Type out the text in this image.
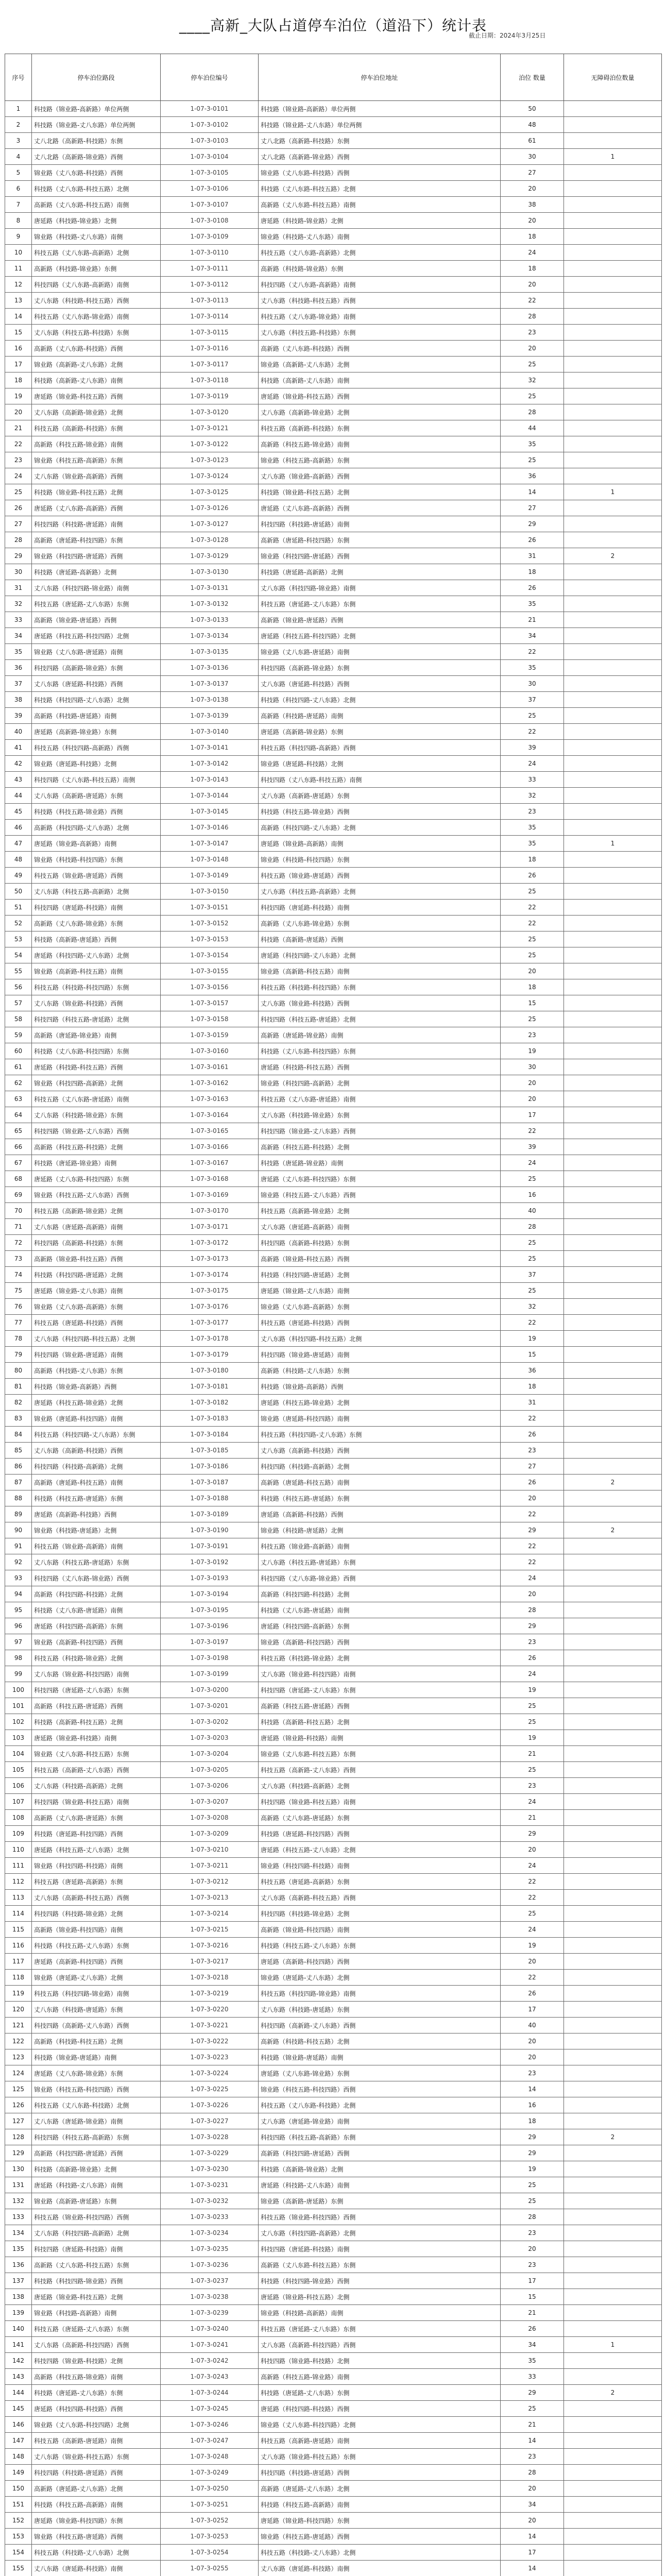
____高新_大队占道停车泊位（道沿下）统计表
截止日期：2024年3月25日
序号	停车泊位路段	停车泊位编号	停车泊位地址	泊位 数量	无障碍泊位数量
1	科技路（锦业路-高新路）单位两侧	1-07-3-0101	科技路（锦业路-高新路）单位两侧	50	
2	科技路（锦业路-丈八东路）单位两侧	1-07-3-0102	科技路（锦业路-丈八东路）单位两侧	48	
3	丈八北路（高新路-科技路）东侧	1-07-3-0103	丈八北路（高新路-科技路）东侧	61	
4	丈八北路（高新路-锦业路）西侧	1-07-3-0104	丈八北路（高新路-锦业路）西侧	30	1
5	锦业路（丈八东路-科技路）西侧	1-07-3-0105	锦业路（丈八东路-科技路）西侧	27	
6	科技路（丈八东路-科技五路）北侧	1-07-3-0106	科技路（丈八东路-科技五路）北侧	20	
7	高新路（丈八东路-科技五路）南侧	1-07-3-0107	高新路（丈八东路-科技五路）南侧	38	
8	唐延路（科技路-锦业路）北侧	1-07-3-0108	唐延路（科技路-锦业路）北侧	20	
9	锦业路（科技路-丈八东路）南侧	1-07-3-0109	锦业路（科技路-丈八东路）南侧	18	
10	科技五路（丈八东路-高新路）北侧	1-07-3-0110	科技五路（丈八东路-高新路）北侧	24	
11	高新路（科技路-锦业路）东侧	1-07-3-0111	高新路（科技路-锦业路）东侧	18	
12	科技四路（丈八东路-高新路）南侧	1-07-3-0112	科技四路（丈八东路-高新路）南侧	20	
13	丈八东路（科技路-科技五路）西侧	1-07-3-0113	丈八东路（科技路-科技五路）西侧	22	
14	科技五路（丈八东路-锦业路）南侧	1-07-3-0114	科技五路（丈八东路-锦业路）南侧	28	
15	丈八东路（科技五路-科技路）东侧	1-07-3-0115	丈八东路（科技五路-科技路）东侧	23	
16	高新路（丈八东路-科技路）西侧	1-07-3-0116	高新路（丈八东路-科技路）西侧	20	
17	锦业路（高新路-丈八东路）北侧	1-07-3-0117	锦业路（高新路-丈八东路）北侧	25	
18	科技路（高新路-丈八东路）南侧	1-07-3-0118	科技路（高新路-丈八东路）南侧	32	
19	唐延路（锦业路-科技五路）西侧	1-07-3-0119	唐延路（锦业路-科技五路）西侧	25	
20	丈八东路（高新路-锦业路）北侧	1-07-3-0120	丈八东路（高新路-锦业路）北侧	28	
21	科技五路（高新路-科技路）东侧	1-07-3-0121	科技五路（高新路-科技路）东侧	44	
22	高新路（科技五路-锦业路）南侧	1-07-3-0122	高新路（科技五路-锦业路）南侧	35	
23	锦业路（科技五路-高新路）东侧	1-07-3-0123	锦业路（科技五路-高新路）东侧	25	
24	丈八东路（锦业路-高新路）西侧	1-07-3-0124	丈八东路（锦业路-高新路）西侧	36	
25	科技路（锦业路-科技五路）北侧	1-07-3-0125	科技路（锦业路-科技五路）北侧	14	1
26	唐延路（丈八东路-高新路）西侧	1-07-3-0126	唐延路（丈八东路-高新路）西侧	27	
27	科技四路（科技路-唐延路）南侧	1-07-3-0127	科技四路（科技路-唐延路）南侧	29	
28	高新路（唐延路-科技四路）东侧	1-07-3-0128	高新路（唐延路-科技四路）东侧	26	
29	锦业路（科技四路-唐延路）西侧	1-07-3-0129	锦业路（科技四路-唐延路）西侧	31	2
30	科技路（唐延路-高新路）北侧	1-07-3-0130	科技路（唐延路-高新路）北侧	18	
31	丈八东路（科技四路-锦业路）南侧	1-07-3-0131	丈八东路（科技四路-锦业路）南侧	26	
32	科技五路（唐延路-丈八东路）东侧	1-07-3-0132	科技五路（唐延路-丈八东路）东侧	35	
33	高新路（锦业路-唐延路）西侧	1-07-3-0133	高新路（锦业路-唐延路）西侧	21	
34	唐延路（科技五路-科技四路）北侧	1-07-3-0134	唐延路（科技五路-科技四路）北侧	34	
35	锦业路（丈八东路-唐延路）南侧	1-07-3-0135	锦业路（丈八东路-唐延路）南侧	22	
36	科技四路（高新路-锦业路）东侧	1-07-3-0136	科技四路（高新路-锦业路）东侧	35	
37	丈八东路（唐延路-科技路）西侧	1-07-3-0137	丈八东路（唐延路-科技路）西侧	30	
38	科技路（科技四路-丈八东路）北侧	1-07-3-0138	科技路（科技四路-丈八东路）北侧	37	
39	高新路（科技路-唐延路）南侧	1-07-3-0139	高新路（科技路-唐延路）南侧	25	
40	唐延路（高新路-锦业路）东侧	1-07-3-0140	唐延路（高新路-锦业路）东侧	22	
41	科技五路（科技四路-高新路）西侧	1-07-3-0141	科技五路（科技四路-高新路）西侧	39	
42	锦业路（唐延路-科技路）北侧	1-07-3-0142	锦业路（唐延路-科技路）北侧	24	
43	科技四路（丈八东路-科技五路）南侧	1-07-3-0143	科技四路（丈八东路-科技五路）南侧	33	
44	丈八东路（高新路-唐延路）东侧	1-07-3-0144	丈八东路（高新路-唐延路）东侧	32	
45	科技路（科技五路-锦业路）西侧	1-07-3-0145	科技路（科技五路-锦业路）西侧	23	
46	高新路（科技四路-丈八东路）北侧	1-07-3-0146	高新路（科技四路-丈八东路）北侧	35	
47	唐延路（锦业路-高新路）南侧	1-07-3-0147	唐延路（锦业路-高新路）南侧	35	1
48	锦业路（科技路-科技四路）东侧	1-07-3-0148	锦业路（科技路-科技四路）东侧	18	
49	科技五路（锦业路-唐延路）西侧	1-07-3-0149	科技五路（锦业路-唐延路）西侧	26	
50	丈八东路（科技五路-高新路）北侧	1-07-3-0150	丈八东路（科技五路-高新路）北侧	25	
51	科技四路（唐延路-科技路）南侧	1-07-3-0151	科技四路（唐延路-科技路）南侧	22	
52	高新路（丈八东路-锦业路）东侧	1-07-3-0152	高新路（丈八东路-锦业路）东侧	22	
53	科技路（高新路-唐延路）西侧	1-07-3-0153	科技路（高新路-唐延路）西侧	25	
54	唐延路（科技四路-丈八东路）北侧	1-07-3-0154	唐延路（科技四路-丈八东路）北侧	25	
55	锦业路（高新路-科技五路）南侧	1-07-3-0155	锦业路（高新路-科技五路）南侧	20	
56	科技五路（科技路-科技四路）东侧	1-07-3-0156	科技五路（科技路-科技四路）东侧	18	
57	丈八东路（锦业路-科技路）西侧	1-07-3-0157	丈八东路（锦业路-科技路）西侧	15	
58	科技四路（科技五路-唐延路）北侧	1-07-3-0158	科技四路（科技五路-唐延路）北侧	25	
59	高新路（唐延路-锦业路）南侧	1-07-3-0159	高新路（唐延路-锦业路）南侧	23	
60	科技路（丈八东路-科技四路）东侧	1-07-3-0160	科技路（丈八东路-科技四路）东侧	19	
61	唐延路（科技路-科技五路）西侧	1-07-3-0161	唐延路（科技路-科技五路）西侧	30	
62	锦业路（科技四路-高新路）北侧	1-07-3-0162	锦业路（科技四路-高新路）北侧	20	
63	科技五路（丈八东路-唐延路）南侧	1-07-3-0163	科技五路（丈八东路-唐延路）南侧	20	
64	丈八东路（科技路-锦业路）东侧	1-07-3-0164	丈八东路（科技路-锦业路）东侧	17	
65	科技四路（锦业路-丈八东路）西侧	1-07-3-0165	科技四路（锦业路-丈八东路）西侧	22	
66	高新路（科技五路-科技路）北侧	1-07-3-0166	高新路（科技五路-科技路）北侧	39	
67	科技路（唐延路-锦业路）南侧	1-07-3-0167	科技路（唐延路-锦业路）南侧	24	
68	唐延路（丈八东路-科技四路）东侧	1-07-3-0168	唐延路（丈八东路-科技四路）东侧	25	
69	锦业路（科技五路-丈八东路）西侧	1-07-3-0169	锦业路（科技五路-丈八东路）西侧	16	
70	科技五路（高新路-锦业路）北侧	1-07-3-0170	科技五路（高新路-锦业路）北侧	40	
71	丈八东路（唐延路-高新路）南侧	1-07-3-0171	丈八东路（唐延路-高新路）南侧	28	
72	科技四路（高新路-科技路）东侧	1-07-3-0172	科技四路（高新路-科技路）东侧	25	
73	高新路（锦业路-科技五路）西侧	1-07-3-0173	高新路（锦业路-科技五路）西侧	25	
74	科技路（科技四路-唐延路）北侧	1-07-3-0174	科技路（科技四路-唐延路）北侧	37	
75	唐延路（锦业路-丈八东路）南侧	1-07-3-0175	唐延路（锦业路-丈八东路）南侧	25	
76	锦业路（丈八东路-高新路）东侧	1-07-3-0176	锦业路（丈八东路-高新路）东侧	32	
77	科技五路（唐延路-科技路）西侧	1-07-3-0177	科技五路（唐延路-科技路）西侧	22	
78	丈八东路（科技四路-科技五路）北侧	1-07-3-0178	丈八东路（科技四路-科技五路）北侧	19	
79	科技四路（锦业路-唐延路）南侧	1-07-3-0179	科技四路（锦业路-唐延路）南侧	15	
80	高新路（科技路-丈八东路）东侧	1-07-3-0180	高新路（科技路-丈八东路）东侧	36	
81	科技路（锦业路-高新路）西侧	1-07-3-0181	科技路（锦业路-高新路）西侧	18	
82	唐延路（科技五路-锦业路）北侧	1-07-3-0182	唐延路（科技五路-锦业路）北侧	31	
83	锦业路（唐延路-科技四路）南侧	1-07-3-0183	锦业路（唐延路-科技四路）南侧	22	
84	科技五路（科技四路-丈八东路）东侧	1-07-3-0184	科技五路（科技四路-丈八东路）东侧	26	
85	丈八东路（高新路-科技路）西侧	1-07-3-0185	丈八东路（高新路-科技路）西侧	23	
86	科技四路（科技路-高新路）北侧	1-07-3-0186	科技四路（科技路-高新路）北侧	27	
87	高新路（唐延路-科技五路）南侧	1-07-3-0187	高新路（唐延路-科技五路）南侧	26	2
88	科技路（科技五路-唐延路）东侧	1-07-3-0188	科技路（科技五路-唐延路）东侧	20	
89	唐延路（高新路-科技路）西侧	1-07-3-0189	唐延路（高新路-科技路）西侧	22	
90	锦业路（科技路-唐延路）北侧	1-07-3-0190	锦业路（科技路-唐延路）北侧	29	2
91	科技五路（锦业路-高新路）南侧	1-07-3-0191	科技五路（锦业路-高新路）南侧	22	
92	丈八东路（科技五路-唐延路）东侧	1-07-3-0192	丈八东路（科技五路-唐延路）东侧	22	
93	科技四路（丈八东路-锦业路）西侧	1-07-3-0193	科技四路（丈八东路-锦业路）西侧	24	
94	高新路（科技四路-科技路）北侧	1-07-3-0194	高新路（科技四路-科技路）北侧	20	
95	科技路（丈八东路-唐延路）南侧	1-07-3-0195	科技路（丈八东路-唐延路）南侧	28	
96	唐延路（科技四路-高新路）东侧	1-07-3-0196	唐延路（科技四路-高新路）东侧	29	
97	锦业路（高新路-科技四路）西侧	1-07-3-0197	锦业路（高新路-科技四路）西侧	23	
98	科技五路（科技路-锦业路）北侧	1-07-3-0198	科技五路（科技路-锦业路）北侧	26	
99	丈八东路（锦业路-科技四路）南侧	1-07-3-0199	丈八东路（锦业路-科技四路）南侧	24	
100	科技四路（唐延路-丈八东路）东侧	1-07-3-0200	科技四路（唐延路-丈八东路）东侧	19	
101	高新路（科技五路-唐延路）西侧	1-07-3-0201	高新路（科技五路-唐延路）西侧	25	
102	科技路（高新路-科技五路）北侧	1-07-3-0202	科技路（高新路-科技五路）北侧	25	
103	唐延路（锦业路-科技路）南侧	1-07-3-0203	唐延路（锦业路-科技路）南侧	19	
104	锦业路（丈八东路-科技五路）东侧	1-07-3-0204	锦业路（丈八东路-科技五路）东侧	21	
105	科技五路（高新路-丈八东路）西侧	1-07-3-0205	科技五路（高新路-丈八东路）西侧	25	
106	丈八东路（科技路-高新路）北侧	1-07-3-0206	丈八东路（科技路-高新路）北侧	23	
107	科技四路（锦业路-科技五路）南侧	1-07-3-0207	科技四路（锦业路-科技五路）南侧	24	
108	高新路（丈八东路-唐延路）东侧	1-07-3-0208	高新路（丈八东路-唐延路）东侧	21	
109	科技路（唐延路-科技四路）西侧	1-07-3-0209	科技路（唐延路-科技四路）西侧	29	
110	唐延路（科技五路-丈八东路）北侧	1-07-3-0210	唐延路（科技五路-丈八东路）北侧	20	
111	锦业路（科技四路-科技路）南侧	1-07-3-0211	锦业路（科技四路-科技路）南侧	24	
112	科技五路（唐延路-高新路）东侧	1-07-3-0212	科技五路（唐延路-高新路）东侧	22	
113	丈八东路（高新路-科技五路）西侧	1-07-3-0213	丈八东路（高新路-科技五路）西侧	22	
114	科技四路（科技路-锦业路）北侧	1-07-3-0214	科技四路（科技路-锦业路）北侧	25	
115	高新路（锦业路-科技四路）南侧	1-07-3-0215	高新路（锦业路-科技四路）南侧	24	
116	科技路（科技五路-丈八东路）东侧	1-07-3-0216	科技路（科技五路-丈八东路）东侧	19	
117	唐延路（高新路-科技四路）西侧	1-07-3-0217	唐延路（高新路-科技四路）西侧	20	
118	锦业路（唐延路-丈八东路）北侧	1-07-3-0218	锦业路（唐延路-丈八东路）北侧	22	
119	科技五路（科技四路-锦业路）南侧	1-07-3-0219	科技五路（科技四路-锦业路）南侧	26	
120	丈八东路（科技路-唐延路）东侧	1-07-3-0220	丈八东路（科技路-唐延路）东侧	17	
121	科技四路（高新路-丈八东路）西侧	1-07-3-0221	科技四路（高新路-丈八东路）西侧	40	
122	高新路（科技路-科技五路）北侧	1-07-3-0222	高新路（科技路-科技五路）北侧	20	
123	科技路（锦业路-唐延路）南侧	1-07-3-0223	科技路（锦业路-唐延路）南侧	20	
124	唐延路（丈八东路-锦业路）东侧	1-07-3-0224	唐延路（丈八东路-锦业路）东侧	23	
125	锦业路（科技五路-科技四路）西侧	1-07-3-0225	锦业路（科技五路-科技四路）西侧	14	
126	科技五路（丈八东路-科技路）北侧	1-07-3-0226	科技五路（丈八东路-科技路）北侧	16	
127	丈八东路（唐延路-锦业路）南侧	1-07-3-0227	丈八东路（唐延路-锦业路）南侧	18	
128	科技四路（科技五路-高新路）东侧	1-07-3-0228	科技四路（科技五路-高新路）东侧	29	2
129	高新路（科技四路-唐延路）西侧	1-07-3-0229	高新路（科技四路-唐延路）西侧	29	
130	科技路（高新路-锦业路）北侧	1-07-3-0230	科技路（高新路-锦业路）北侧	19	
131	唐延路（科技路-丈八东路）南侧	1-07-3-0231	唐延路（科技路-丈八东路）南侧	25	
132	锦业路（高新路-唐延路）东侧	1-07-3-0232	锦业路（高新路-唐延路）东侧	25	
133	科技五路（锦业路-科技四路）西侧	1-07-3-0233	科技五路（锦业路-科技四路）西侧	28	
134	丈八东路（科技四路-高新路）北侧	1-07-3-0234	丈八东路（科技四路-高新路）北侧	23	
135	科技四路（唐延路-科技路）南侧	1-07-3-0235	科技四路（唐延路-科技路）南侧	20	
136	高新路（丈八东路-科技五路）东侧	1-07-3-0236	高新路（丈八东路-科技五路）东侧	23	
137	科技路（科技四路-锦业路）西侧	1-07-3-0237	科技路（科技四路-锦业路）西侧	17	
138	唐延路（锦业路-科技五路）北侧	1-07-3-0238	唐延路（锦业路-科技五路）北侧	15	
139	锦业路（科技路-高新路）南侧	1-07-3-0239	锦业路（科技路-高新路）南侧	21	
140	科技五路（唐延路-丈八东路）东侧	1-07-3-0240	科技五路（唐延路-丈八东路）东侧	26	
141	丈八东路（高新路-科技四路）西侧	1-07-3-0241	丈八东路（高新路-科技四路）西侧	34	1
142	科技四路（锦业路-科技路）北侧	1-07-3-0242	科技四路（锦业路-科技路）北侧	35	
143	高新路（科技五路-锦业路）南侧	1-07-3-0243	高新路（科技五路-锦业路）南侧	33	
144	科技路（唐延路-丈八东路）东侧	1-07-3-0244	科技路（唐延路-丈八东路）东侧	29	2
145	唐延路（科技四路-科技路）西侧	1-07-3-0245	唐延路（科技四路-科技路）西侧	25	
146	锦业路（丈八东路-科技四路）北侧	1-07-3-0246	锦业路（丈八东路-科技四路）北侧	21	
147	科技五路（高新路-唐延路）南侧	1-07-3-0247	科技五路（高新路-唐延路）南侧	14	
148	丈八东路（锦业路-科技五路）东侧	1-07-3-0248	丈八东路（锦业路-科技五路）东侧	23	
149	科技四路（科技路-唐延路）西侧	1-07-3-0249	科技四路（科技路-唐延路）西侧	28	
150	高新路（唐延路-丈八东路）北侧	1-07-3-0250	高新路（唐延路-丈八东路）北侧	20	
151	科技路（科技五路-高新路）南侧	1-07-3-0251	科技路（科技五路-高新路）南侧	34	
152	唐延路（锦业路-科技四路）东侧	1-07-3-0252	唐延路（锦业路-科技四路）东侧	20	
153	锦业路（科技五路-唐延路）西侧	1-07-3-0253	锦业路（科技五路-唐延路）西侧	14	
154	科技五路（科技路-丈八东路）北侧	1-07-3-0254	科技五路（科技路-丈八东路）北侧	17	
155	丈八东路（唐延路-科技路）南侧	1-07-3-0255	丈八东路（唐延路-科技路）南侧	14	
